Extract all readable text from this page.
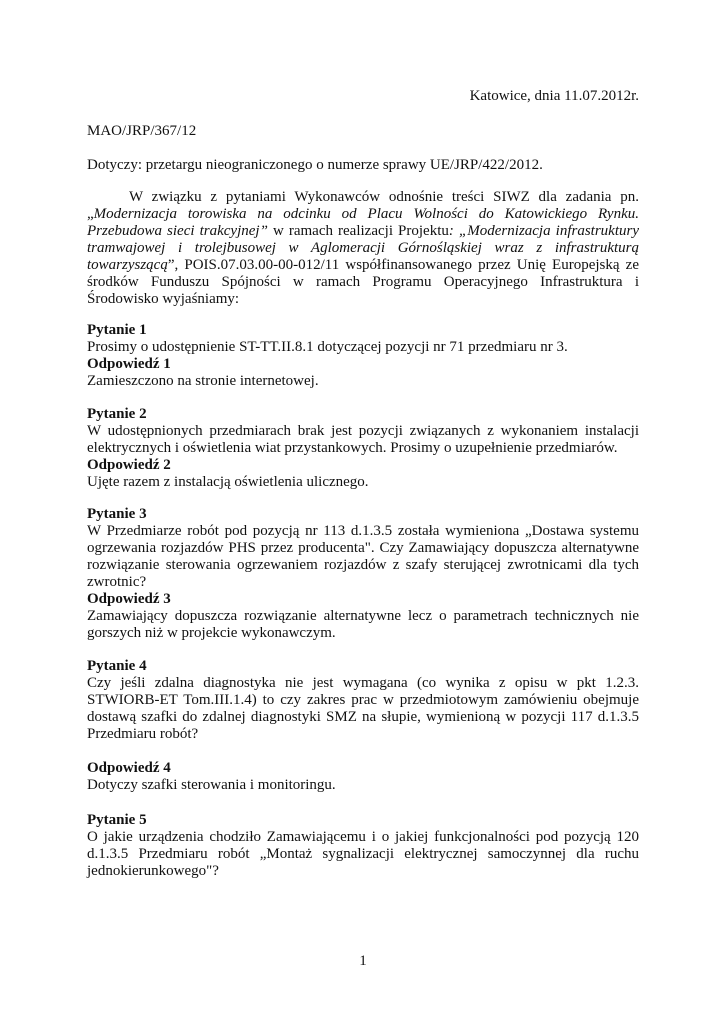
Katowice, dnia 11.07.2012r.
MAO/JRP/367/12
Dotyczy: przetargu nieograniczonego o numerze sprawy UE/JRP/422/2012.

W związku z pytaniami Wykonawców odnośnie treści SIWZ dla zadania pn. „Modernizacja torowiska na odcinku od Placu Wolności do Katowickiego Rynku. Przebudowa sieci trakcyjnej” w ramach realizacji Projektu: „Modernizacja infrastruktury tramwajowej i trolejbusowej w Aglomeracji Górnośląskiej wraz z infrastrukturą towarzyszącą”, POIS.07.03.00-00-012/11 współfinansowanego przez Unię Europejską ze środków Funduszu Spójności w ramach Programu Operacyjnego Infrastruktura i Środowisko wyjaśniamy:

Pytanie 1

Prosimy o udostępnienie ST-TT.II.8.1 dotyczącej pozycji nr 71 przedmiaru nr 3.

Odpowiedź 1

Zamieszczono na stronie internetowej.

Pytanie 2

W udostępnionych przedmiarach brak jest pozycji związanych z wykonaniem instalacji elektrycznych i oświetlenia wiat przystankowych. Prosimy o uzupełnienie przedmiarów.

Odpowiedź 2

Ujęte razem z instalacją oświetlenia ulicznego.

Pytanie 3

W Przedmiarze robót pod pozycją nr 113 d.1.3.5 została wymieniona „Dostawa systemu ogrzewania rozjazdów PHS przez producenta". Czy Zamawiający dopuszcza alternatywne rozwiązanie sterowania ogrzewaniem rozjazdów z szafy sterującej zwrotnicami dla tych zwrotnic?

Odpowiedź 3

Zamawiający dopuszcza rozwiązanie alternatywne lecz o parametrach technicznych nie gorszych niż w projekcie wykonawczym.

Pytanie 4

Czy jeśli zdalna diagnostyka nie jest wymagana (co wynika z opisu w pkt 1.2.3. STWIORB-ET Tom.III.1.4) to czy zakres prac w przedmiotowym zamówieniu obejmuje dostawą szafki do zdalnej diagnostyki SMZ na słupie, wymienioną w pozycji 117 d.1.3.5 Przedmiaru robót?

Odpowiedź 4

Dotyczy szafki sterowania i monitoringu.

Pytanie 5

O jakie urządzenia chodziło Zamawiającemu i o jakiej funkcjonalności pod pozycją 120 d.1.3.5 Przedmiaru robót „Montaż sygnalizacji elektrycznej samoczynnej dla ruchu jednokierunkowego"?

1
